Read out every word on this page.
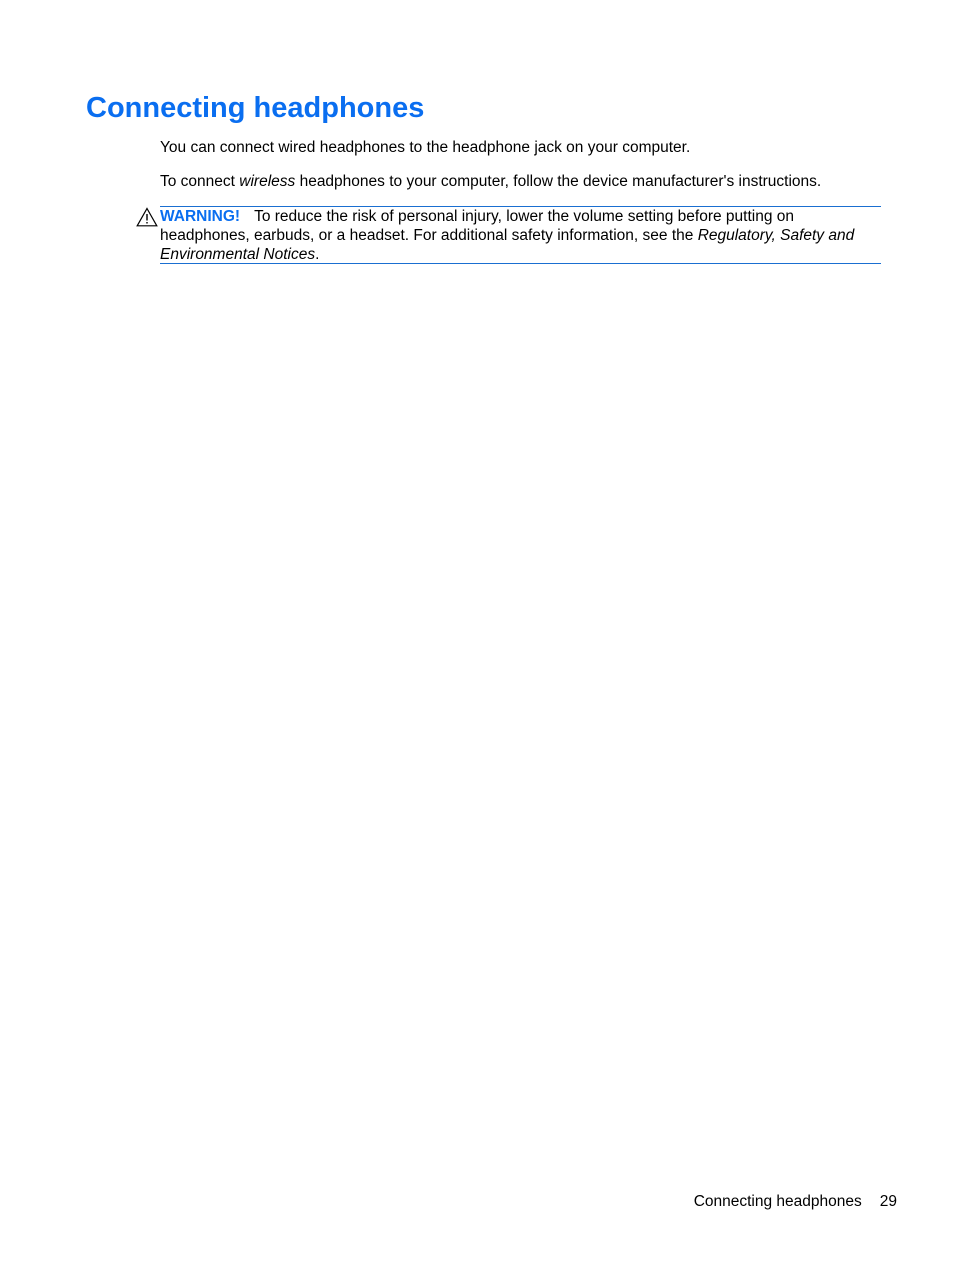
Connecting headphones

You can connect wired headphones to the headphone jack on your computer.

To connect wireless headphones to your computer, follow the device manufacturer's instructions.

WARNING! To reduce the risk of personal injury, lower the volume setting before putting on headphones, earbuds, or a headset. For additional safety information, see the Regulatory, Safety and Environmental Notices.

Connecting headphones 29
